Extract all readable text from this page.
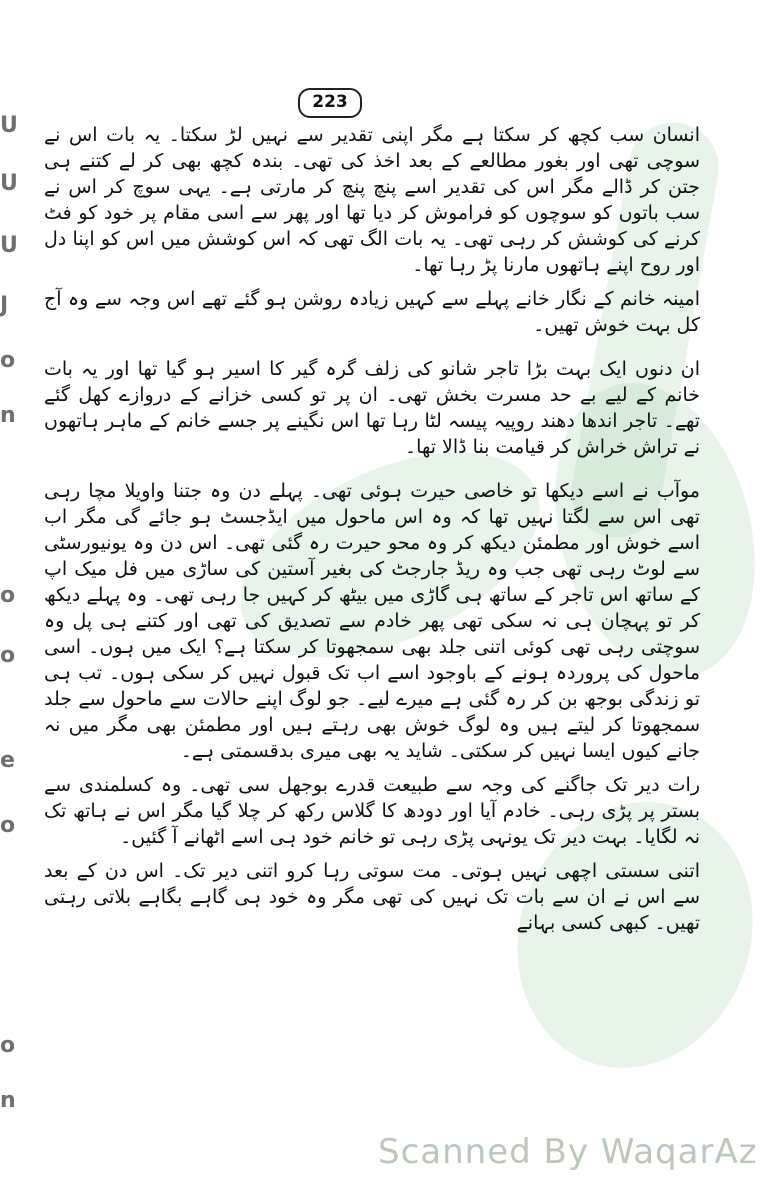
U
U
U
J
o
n
o
o
e
o
o
n
223

انسان سب کچھ کر سکتا ہے مگر اپنی تقدیر سے نہیں لڑ سکتا۔ یہ بات اس نے سوچی تھی اور بغور مطالعے کے بعد اخذ کی تھی۔ بندہ کچھ بھی کر لے کتنے ہی جتن کر ڈالے مگر اس کی تقدیر اسے پنچ پنچ کر مارتی ہے۔ یہی سوچ کر اس نے سب باتوں کو سوچوں کو فراموش کر دیا تھا اور پھر سے اسی مقام پر خود کو فٹ کرنے کی کوشش کر رہی تھی۔ یہ بات الگ تھی کہ اس کوشش میں اس کو اپنا دل اور روح اپنے ہاتھوں مارنا پڑ رہا تھا۔

امینہ خانم کے نگار خانے پہلے سے کہیں زیادہ روشن ہو گئے تھے اس وجہ سے وہ آج کل بہت خوش تھیں۔

ان دنوں ایک بہت بڑا تاجر شانو کی زلف گرہ گیر کا اسیر ہو گیا تھا اور یہ بات خانم کے لیے بے حد مسرت بخش تھی۔ ان پر تو کسی خزانے کے دروازے کھل گئے تھے۔ تاجر اندھا دھند روپیہ پیسہ لٹا رہا تھا اس نگینے پر جسے خانم کے ماہر ہاتھوں نے تراش خراش کر قیامت بنا ڈالا تھا۔

موآب نے اسے دیکھا تو خاصی حیرت ہوئی تھی۔ پہلے دن وہ جتنا واویلا مچا رہی تھی اس سے لگتا نہیں تھا کہ وہ اس ماحول میں ایڈجسٹ ہو جائے گی مگر اب اسے خوش اور مطمئن دیکھ کر وہ محو حیرت رہ گئی تھی۔ اس دن وہ یونیورسٹی سے لوٹ رہی تھی جب وہ ریڈ جارجٹ کی بغیر آستین کی ساڑی میں فل میک اپ کے ساتھ اس تاجر کے ساتھ ہی گاڑی میں بیٹھ کر کہیں جا رہی تھی۔ وہ پہلے دیکھ کر تو پہچان ہی نہ سکی تھی پھر خادم سے تصدیق کی تھی اور کتنے ہی پل وہ سوچتی رہی تھی کوئی اتنی جلد بھی سمجھوتا کر سکتا ہے؟ ایک میں ہوں۔ اسی ماحول کی پروردہ ہونے کے باوجود اسے اب تک قبول نہیں کر سکی ہوں۔ تب ہی تو زندگی بوجھ بن کر رہ گئی ہے میرے لیے۔ جو لوگ اپنے حالات سے ماحول سے جلد سمجھوتا کر لیتے ہیں وہ لوگ خوش بھی رہتے ہیں اور مطمئن بھی مگر میں نہ جانے کیوں ایسا نہیں کر سکتی۔ شاید یہ بھی میری بدقسمتی ہے۔

رات دیر تک جاگنے کی وجہ سے طبیعت قدرے بوجھل سی تھی۔ وہ کسلمندی سے بستر پر پڑی رہی۔ خادم آیا اور دودھ کا گلاس رکھ کر چلا گیا مگر اس نے ہاتھ تک نہ لگایا۔ بہت دیر تک یونہی پڑی رہی تو خانم خود ہی اسے اٹھانے آ گئیں۔

اتنی سستی اچھی نہیں ہوتی۔ مت سوتی رہا کرو اتنی دیر تک۔ اس دن کے بعد سے اس نے ان سے بات تک نہیں کی تھی مگر وہ خود ہی گاہے بگاہے بلاتی رہتی تھیں۔ کبھی کسی بہانے

Scanned By WaqarAz
